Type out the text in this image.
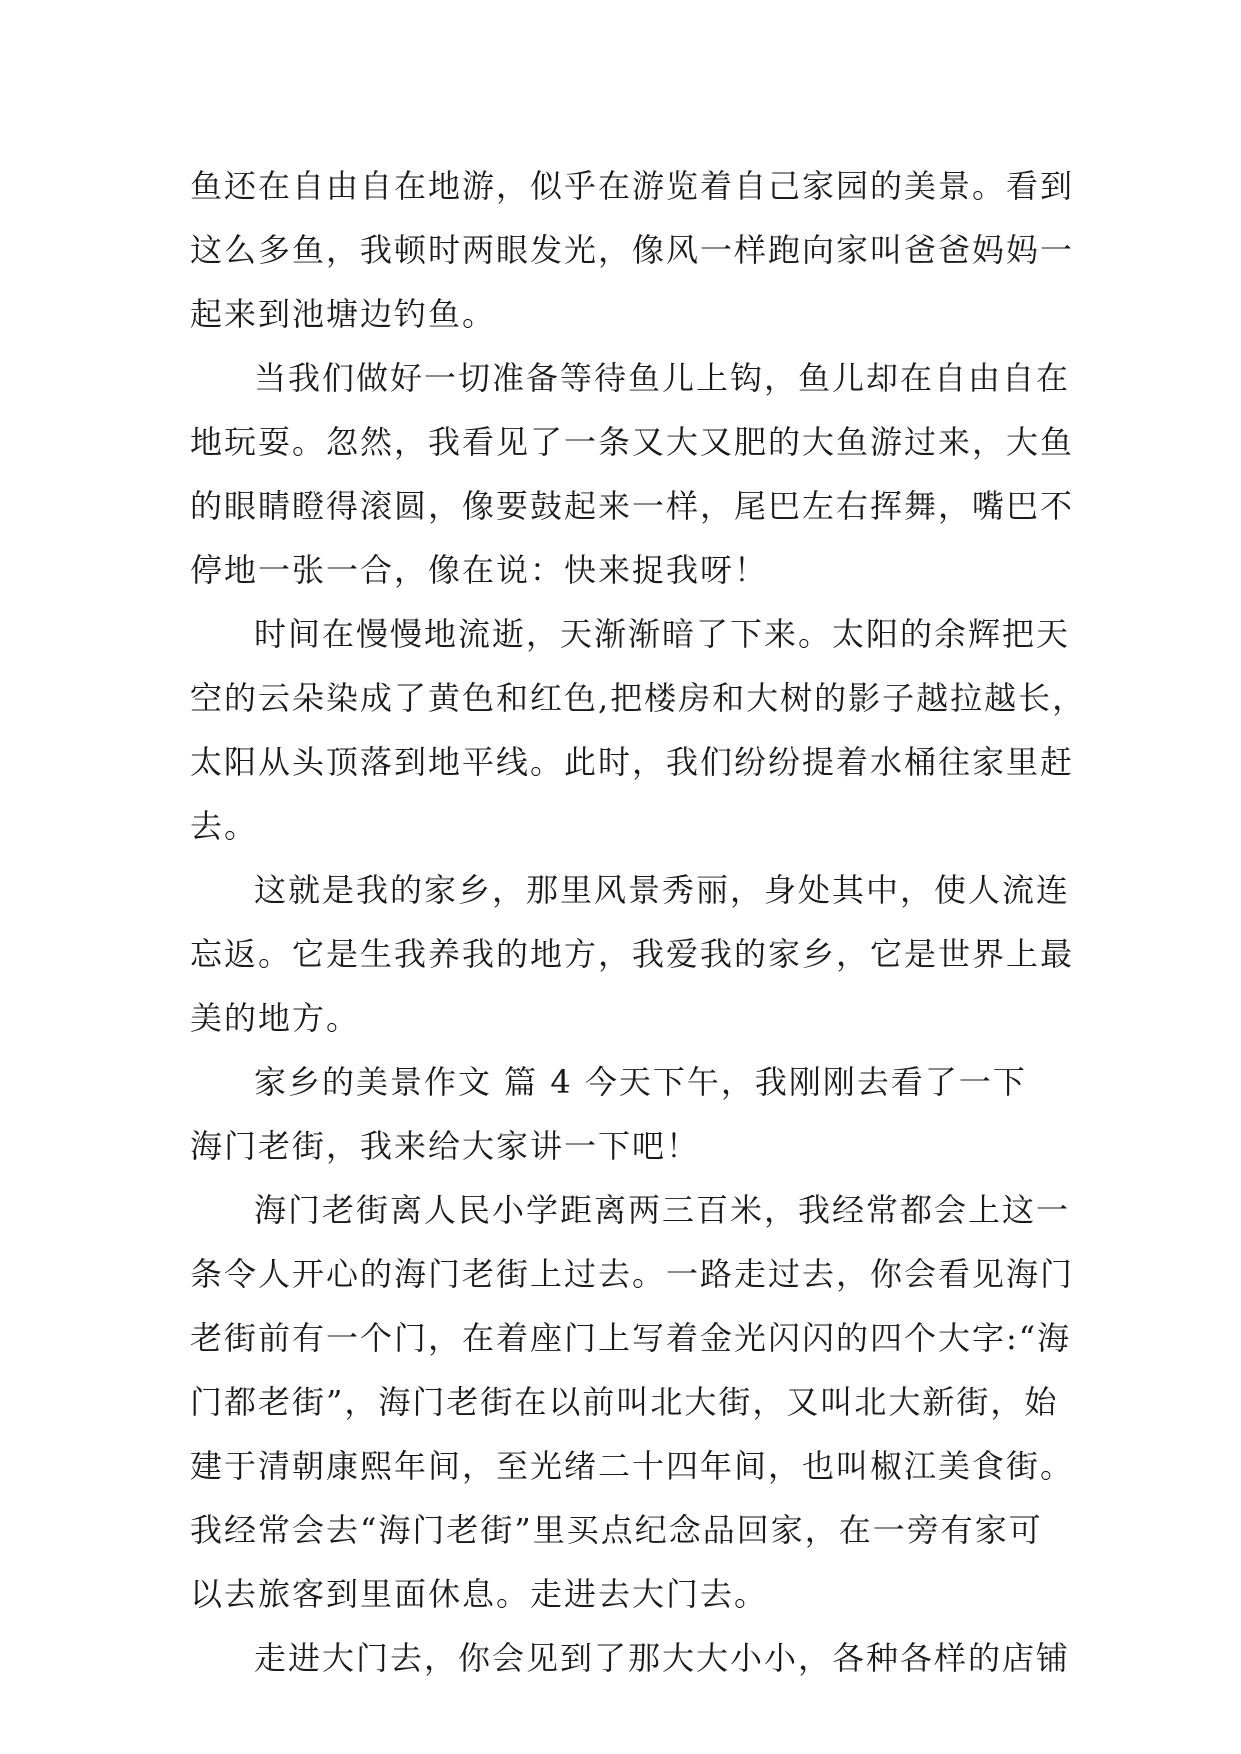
鱼还在自由自在地游，似乎在游览着自己家园的美景。看到
这么多鱼，我顿时两眼发光，像风一样跑向家叫爸爸妈妈一
起来到池塘边钓鱼。
当我们做好一切准备等待鱼儿上钩，鱼儿却在自由自在
地玩耍。忽然，我看见了一条又大又肥的大鱼游过来，大鱼
的眼睛瞪得滚圆，像要鼓起来一样，尾巴左右挥舞，嘴巴不
停地一张一合，像在说：快来捉我呀！
时间在慢慢地流逝，天渐渐暗了下来。太阳的余辉把天
空的云朵染成了黄色和红色,把楼房和大树的影子越拉越长，
太阳从头顶落到地平线。此时，我们纷纷提着水桶往家里赶
去。
这就是我的家乡，那里风景秀丽，身处其中，使人流连
忘返。它是生我养我的地方，我爱我的家乡，它是世界上最
美的地方。
家乡的美景作文 篇 4 今天下午，我刚刚去看了一下
海门老街，我来给大家讲一下吧！
海门老街离人民小学距离两三百米，我经常都会上这一
条令人开心的海门老街上过去。一路走过去，你会看见海门
老街前有一个门，在着座门上写着金光闪闪的四个大字:“海
门都老街”，海门老街在以前叫北大街，又叫北大新街，始
建于清朝康熙年间，至光绪二十四年间，也叫椒江美食街。
我经常会去“海门老街”里买点纪念品回家，在一旁有家可
以去旅客到里面休息。走进去大门去。
走进大门去，你会见到了那大大小小，各种各样的店铺
